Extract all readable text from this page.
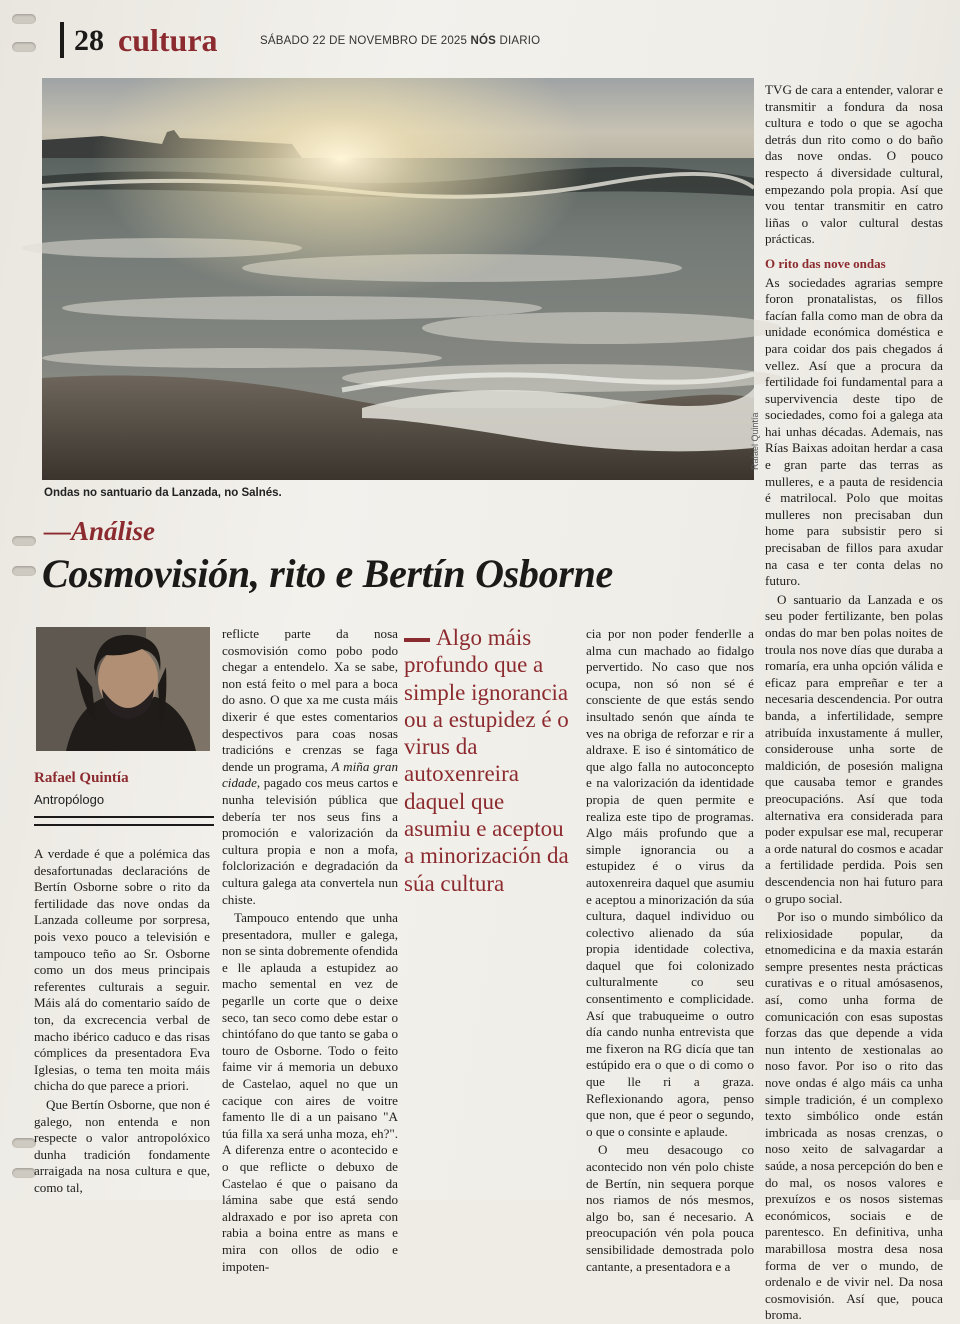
28 cultura	SÁBADO 22 DE NOVEMBRO DE 2025 NÓS DIARIO
Rafael Quintía
Ondas no santuario da Lanzada, no Salnés.
—Análise
Cosmovisión, rito e Bertín Osborne
Rafael Quintía
Antropólogo

A verdade é que a polémica das desafortunadas declaracións de Bertín Osborne sobre o rito da fertilidade das nove ondas da Lanzada colleume por sorpresa, pois vexo pouco a televisión e tampouco teño ao Sr. Osborne como un dos meus principais referentes culturais a seguir. Máis alá do comentario saído de ton, da excrecencia verbal de macho ibérico caduco e das risas cómplices da presentadora Eva Iglesias, o tema ten moita máis chicha do que parece a priori.

Que Bertín Osborne, que non é galego, non entenda e non respecte o valor antropolóxico dunha tradición fondamente arraigada na nosa cultura e que, como tal,

reflicte parte da nosa cosmovisión como pobo podo chegar a entendelo. Xa se sabe, non está feito o mel para a boca do asno. O que xa me custa máis dixerir é que estes comentarios despectivos para coas nosas tradicións e crenzas se faga dende un programa, A miña gran cidade, pagado cos meus cartos e nunha televisión pública que debería ter nos seus fins a promoción e valorización da cultura propia e non a mofa, folclorización e degradación da cultura galega ata convertela nun chiste.

Tampouco entendo que unha presentadora, muller e galega, non se sinta dobremente ofendida e lle aplauda a estupidez ao macho semental en vez de pegarlle un corte que o deixe seco, tan seco como debe estar o chintófano do que tanto se gaba o touro de Osborne. Todo o feito faime vir á memoria un debuxo de Castelao, aquel no que un cacique con aires de voitre famento lle di a un paisano "A túa filla xa será unha moza, eh?". A diferenza entre o acontecido e o que reflicte o debuxo de Castelao é que o paisano da lámina sabe que está sendo aldraxado e por iso apreta con rabia a boina entre as mans e mira con ollos de odio e impoten-

Algo máis profundo que a simple ignorancia ou a estupidez é o virus da autoxenreira daquel que asumiu e aceptou a minorización da súa cultura

cia por non poder fenderlle a alma cun machado ao fidalgo pervertido. No caso que nos ocupa, non só non sé é consciente de que estás sendo insultado senón que aínda te ves na obriga de reforzar e rir a aldraxe. E iso é sintomático de que algo falla no autoconcepto e na valorización da identidade propia de quen permite e realiza este tipo de programas. Algo máis profundo que a simple ignorancia ou a estupidez é o virus da autoxenreira daquel que asumiu e aceptou a minorización da súa cultura, daquel individuo ou colectivo alienado da súa propia identidade colectiva, daquel que foi colonizado culturalmente co seu consentimento e complicidade. Así que trabuqueime o outro día cando nunha entrevista que me fixeron na RG dicía que tan estúpido era o que o di como o que lle ri a graza. Reflexionando agora, penso que non, que é peor o segundo, o que o consinte e aplaude.

O meu desacougo co acontecido non vén polo chiste de Bertín, nin sequera porque nos riamos de nós mesmos, algo bo, san é necesario. A preocupación vén pola pouca sensibilidade demostrada polo cantante, a presentadora e a

TVG de cara a entender, valorar e transmitir a fondura da nosa cultura e todo o que se agocha detrás dun rito como o do baño das nove ondas. O pouco respecto á diversidade cultural, empezando pola propia. Así que vou tentar transmitir en catro liñas o valor cultural destas prácticas.

O rito das nove ondas

As sociedades agrarias sempre foron pronatalistas, os fillos facían falla como man de obra da unidade económica doméstica e para coidar dos pais chegados á vellez. Así que a procura da fertilidade foi fundamental para a supervivencia deste tipo de sociedades, como foi a galega ata hai unhas décadas. Ademais, nas Rías Baixas adoitan herdar a casa e gran parte das terras as mulleres, e a pauta de residencia é matrilocal. Polo que moitas mulleres non precisaban dun home para subsistir pero si precisaban de fillos para axudar na casa e ter conta delas no futuro.

O santuario da Lanzada e os seu poder fertilizante, ben polas ondas do mar ben polas noites de troula nos nove días que duraba a romaría, era unha opción válida e eficaz para empreñar e ter a necesaria descendencia. Por outra banda, a infertilidade, sempre atribuída inxustamente á muller, considerouse unha sorte de maldición, de posesión maligna que causaba temor e grandes preocupacións. Así que toda alternativa era considerada para poder expulsar ese mal, recuperar a orde natural do cosmos e acadar a fertilidade perdida. Pois sen descendencia non hai futuro para o grupo social.

Por iso o mundo simbólico da relixiosidade popular, da etnomedicina e da maxia estarán sempre presentes nesta prácticas curativas e o ritual amósasenos, así, como unha forma de comunicación con esas supostas forzas das que depende a vida nun intento de xestionalas ao noso favor. Por iso o rito das nove ondas é algo máis ca unha simple tradición, é un complexo texto simbólico onde están imbricada as nosas crenzas, o noso xeito de salvagardar a saúde, a nosa percepción do ben e do mal, os nosos valores e prexuízos e os nosos sistemas económicos, sociais e de parentesco. En definitiva, unha marabillosa mostra desa nosa forma de ver o mundo, de ordenalo e de vivir nel. Da nosa cosmovisión. Así que, pouca broma.
